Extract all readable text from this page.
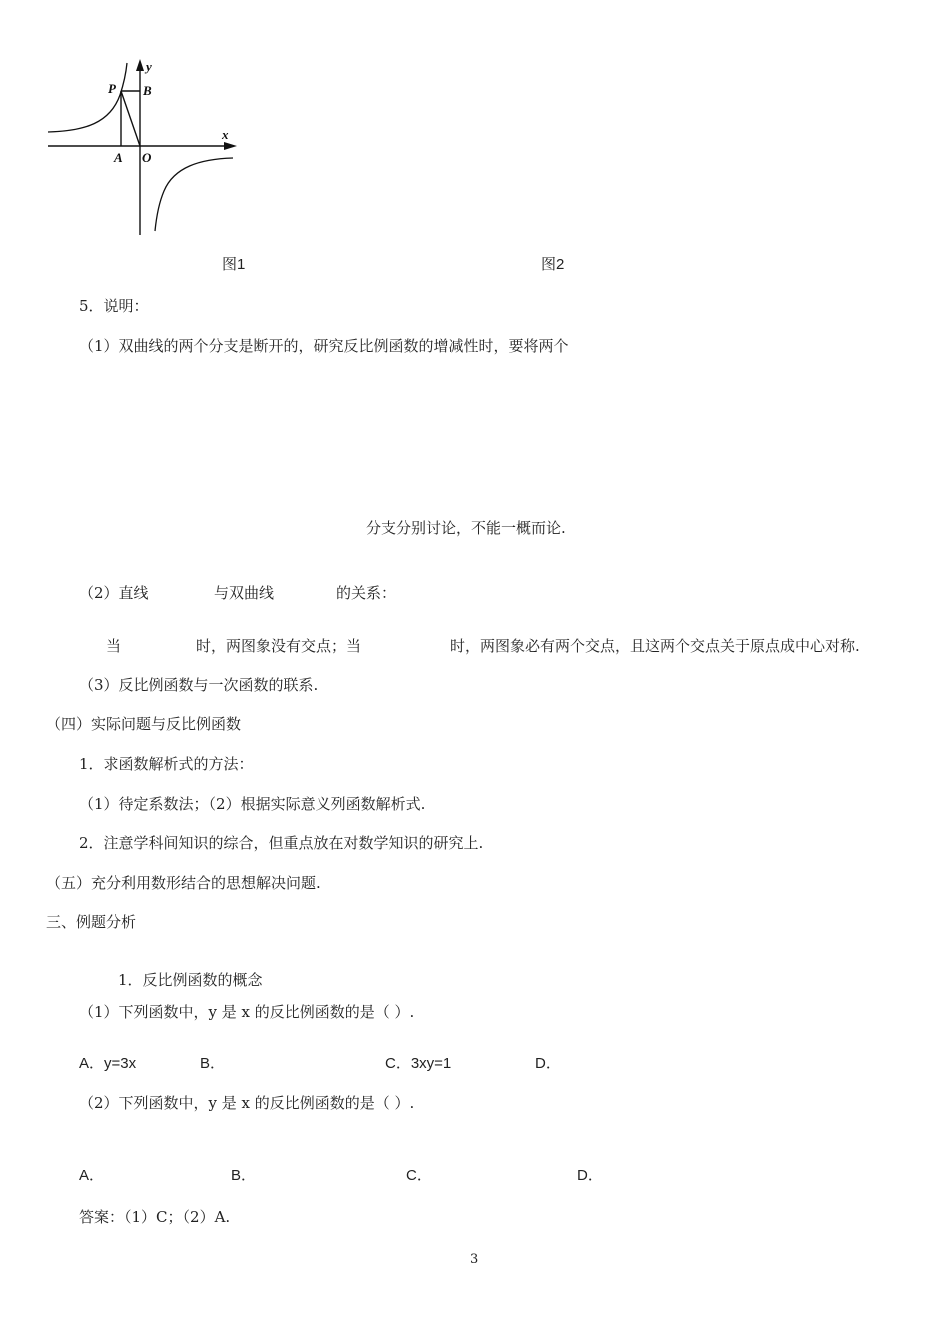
y
x
P B
A O
图1	图2
5．说明：
（1）双曲线的两个分支是断开的，研究反比例函数的增减性时，要将两个
分支分别讨论，不能一概而论.
（2）直线	与双曲线	的关系：
当	时，两图象没有交点；当	时，两图象必有两个交点，且这两个交点关于原点成中心对称.
（3）反比例函数与一次函数的联系.
（四）实际问题与反比例函数
1．求函数解析式的方法：
（1）待定系数法；（2）根据实际意义列函数解析式.
2．注意学科间知识的综合，但重点放在对数学知识的研究上.
（五）充分利用数形结合的思想解决问题.
三、例题分析
1．反比例函数的概念
（1）下列函数中，y 是 x 的反比例函数的是（ ）.
A．y=3x	B．	C．3xy=1	D．
（2）下列函数中，y 是 x 的反比例函数的是（ ）.
A．	B．	C．	D．
答案：（1）C；（2）A.
3
